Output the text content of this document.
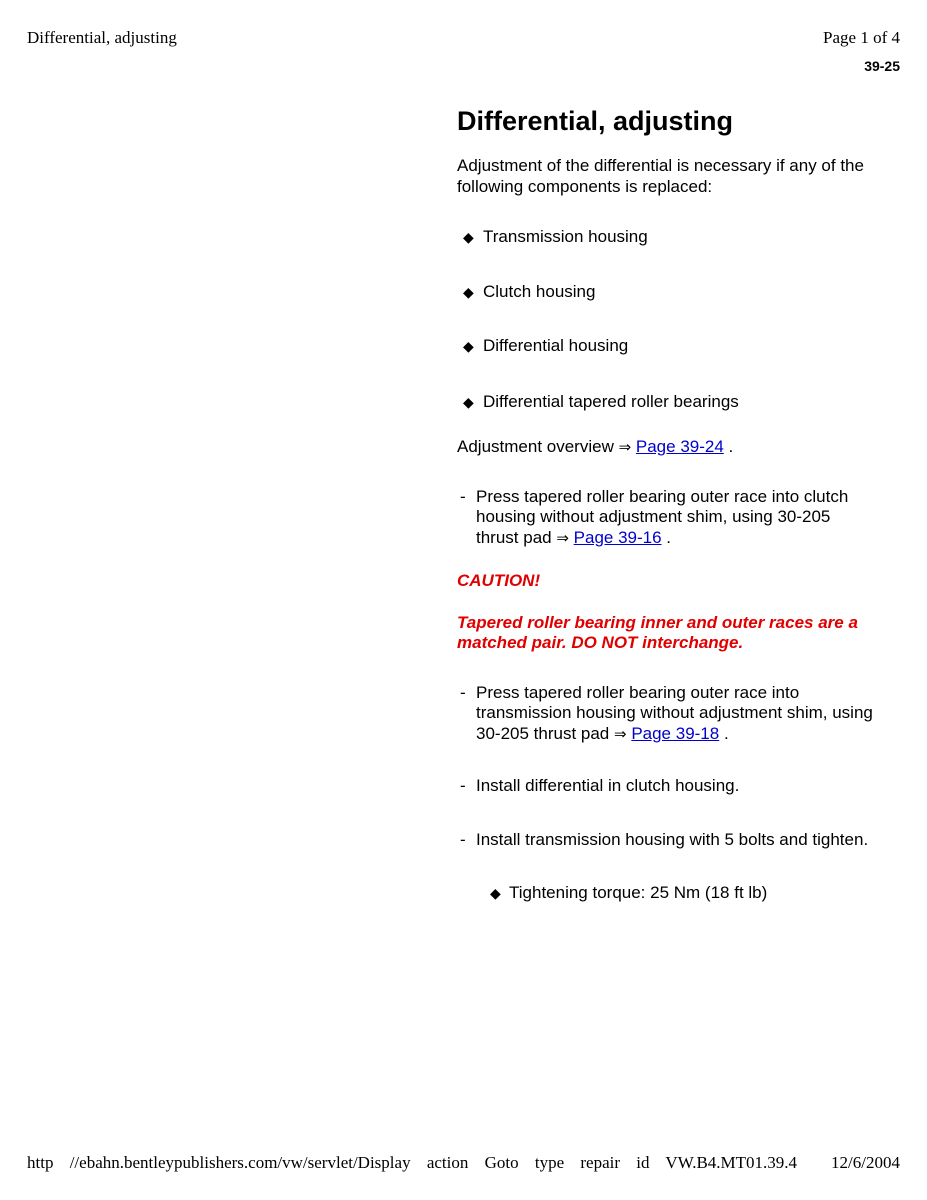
Differential, adjusting	Page 1 of 4
39-25
Differential, adjusting

Adjustment of the differential is necessary if any of the following components is replaced:

◆ Transmission housing
◆ Clutch housing
◆ Differential housing
◆ Differential tapered roller bearings

Adjustment overview ⇒ Page 39-24 .

- Press tapered roller bearing outer race into clutch housing without adjustment shim, using 30-205 thrust pad ⇒ Page 39-16 .

CAUTION!

Tapered roller bearing inner and outer races are a matched pair. DO NOT interchange.

- Press tapered roller bearing outer race into transmission housing without adjustment shim, using 30-205 thrust pad ⇒ Page 39-18 .
- Install differential in clutch housing.
- Install transmission housing with 5 bolts and tighten.
◆ Tightening torque: 25 Nm (18 ft lb)
http //ebahn.bentleypublishers.com/vw/servlet/Display action Goto type repair id VW.B4.MT01.39.4 12/6/2004
